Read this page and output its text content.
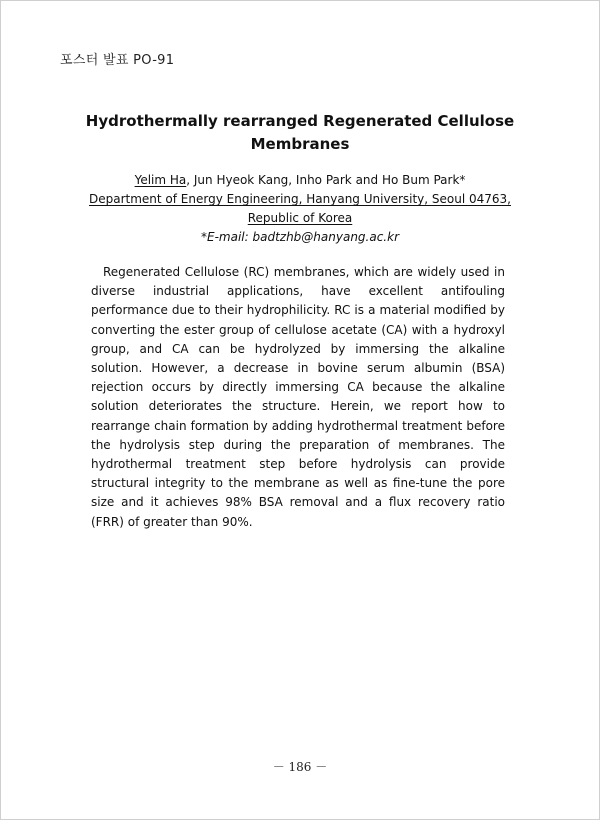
포스터 발표 PO-91
Hydrothermally rearranged Regenerated Cellulose
Membranes
Yelim Ha, Jun Hyeok Kang, Inho Park and Ho Bum Park*
Department of Energy Engineering, Hanyang University, Seoul 04763,
Republic of Korea
*E-mail: badtzhb@hanyang.ac.kr

Regenerated Cellulose (RC) membranes, which are widely used in diverse industrial applications, have excellent antifouling performance due to their hydrophilicity. RC is a material modified by converting the ester group of cellulose acetate (CA) with a hydroxyl group, and CA can be hydrolyzed by immersing the alkaline solution. However, a decrease in bovine serum albumin (BSA) rejection occurs by directly immersing CA because the alkaline solution deteriorates the structure. Herein, we report how to rearrange chain formation by adding hydrothermal treatment before the hydrolysis step during the preparation of membranes. The hydrothermal treatment step before hydrolysis can provide structural integrity to the membrane as well as fine-tune the pore size and it achieves 98% BSA removal and a flux recovery ratio (FRR) of greater than 90%.

－ 186 －
